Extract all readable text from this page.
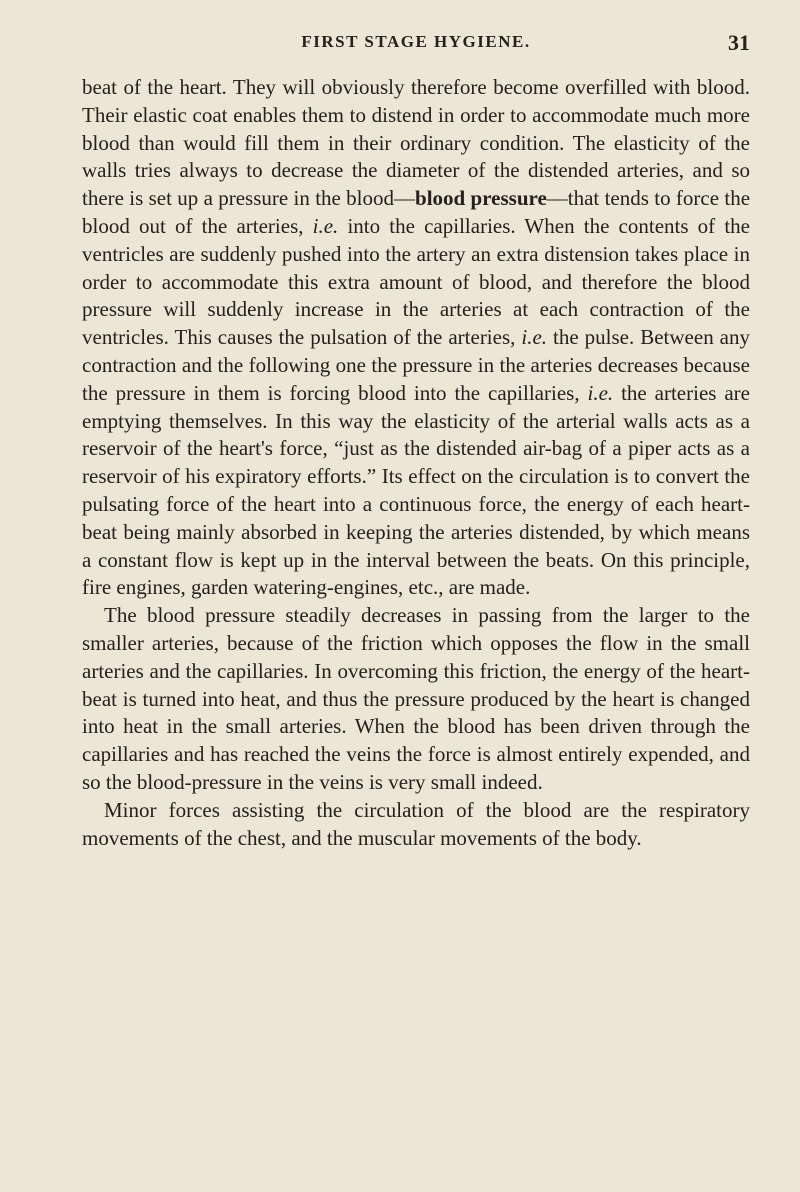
FIRST STAGE HYGIENE.	31

beat of the heart. They will obviously therefore become overfilled with blood. Their elastic coat enables them to distend in order to accommodate much more blood than would fill them in their ordinary condition. The elasticity of the walls tries always to decrease the diameter of the distended arteries, and so there is set up a pressure in the blood—blood pressure—that tends to force the blood out of the arteries, i.e. into the capillaries. When the contents of the ventricles are suddenly pushed into the artery an extra distension takes place in order to accommodate this extra amount of blood, and therefore the blood pressure will suddenly increase in the arteries at each contraction of the ventricles. This causes the pulsation of the arteries, i.e. the pulse. Between any contraction and the following one the pressure in the arteries decreases because the pressure in them is forcing blood into the capillaries, i.e. the arteries are emptying themselves. In this way the elasticity of the arterial walls acts as a reservoir of the heart's force, “just as the distended air-bag of a piper acts as a reservoir of his expiratory efforts.” Its effect on the circulation is to convert the pulsating force of the heart into a continuous force, the energy of each heart-beat being mainly absorbed in keeping the arteries distended, by which means a constant flow is kept up in the interval between the beats. On this principle, fire engines, garden watering-engines, etc., are made.

The blood pressure steadily decreases in passing from the larger to the smaller arteries, because of the friction which opposes the flow in the small arteries and the capillaries. In overcoming this friction, the energy of the heart-beat is turned into heat, and thus the pressure produced by the heart is changed into heat in the small arteries. When the blood has been driven through the capillaries and has reached the veins the force is almost entirely expended, and so the blood-pressure in the veins is very small indeed.

Minor forces assisting the circulation of the blood are the respiratory movements of the chest, and the muscular movements of the body.
